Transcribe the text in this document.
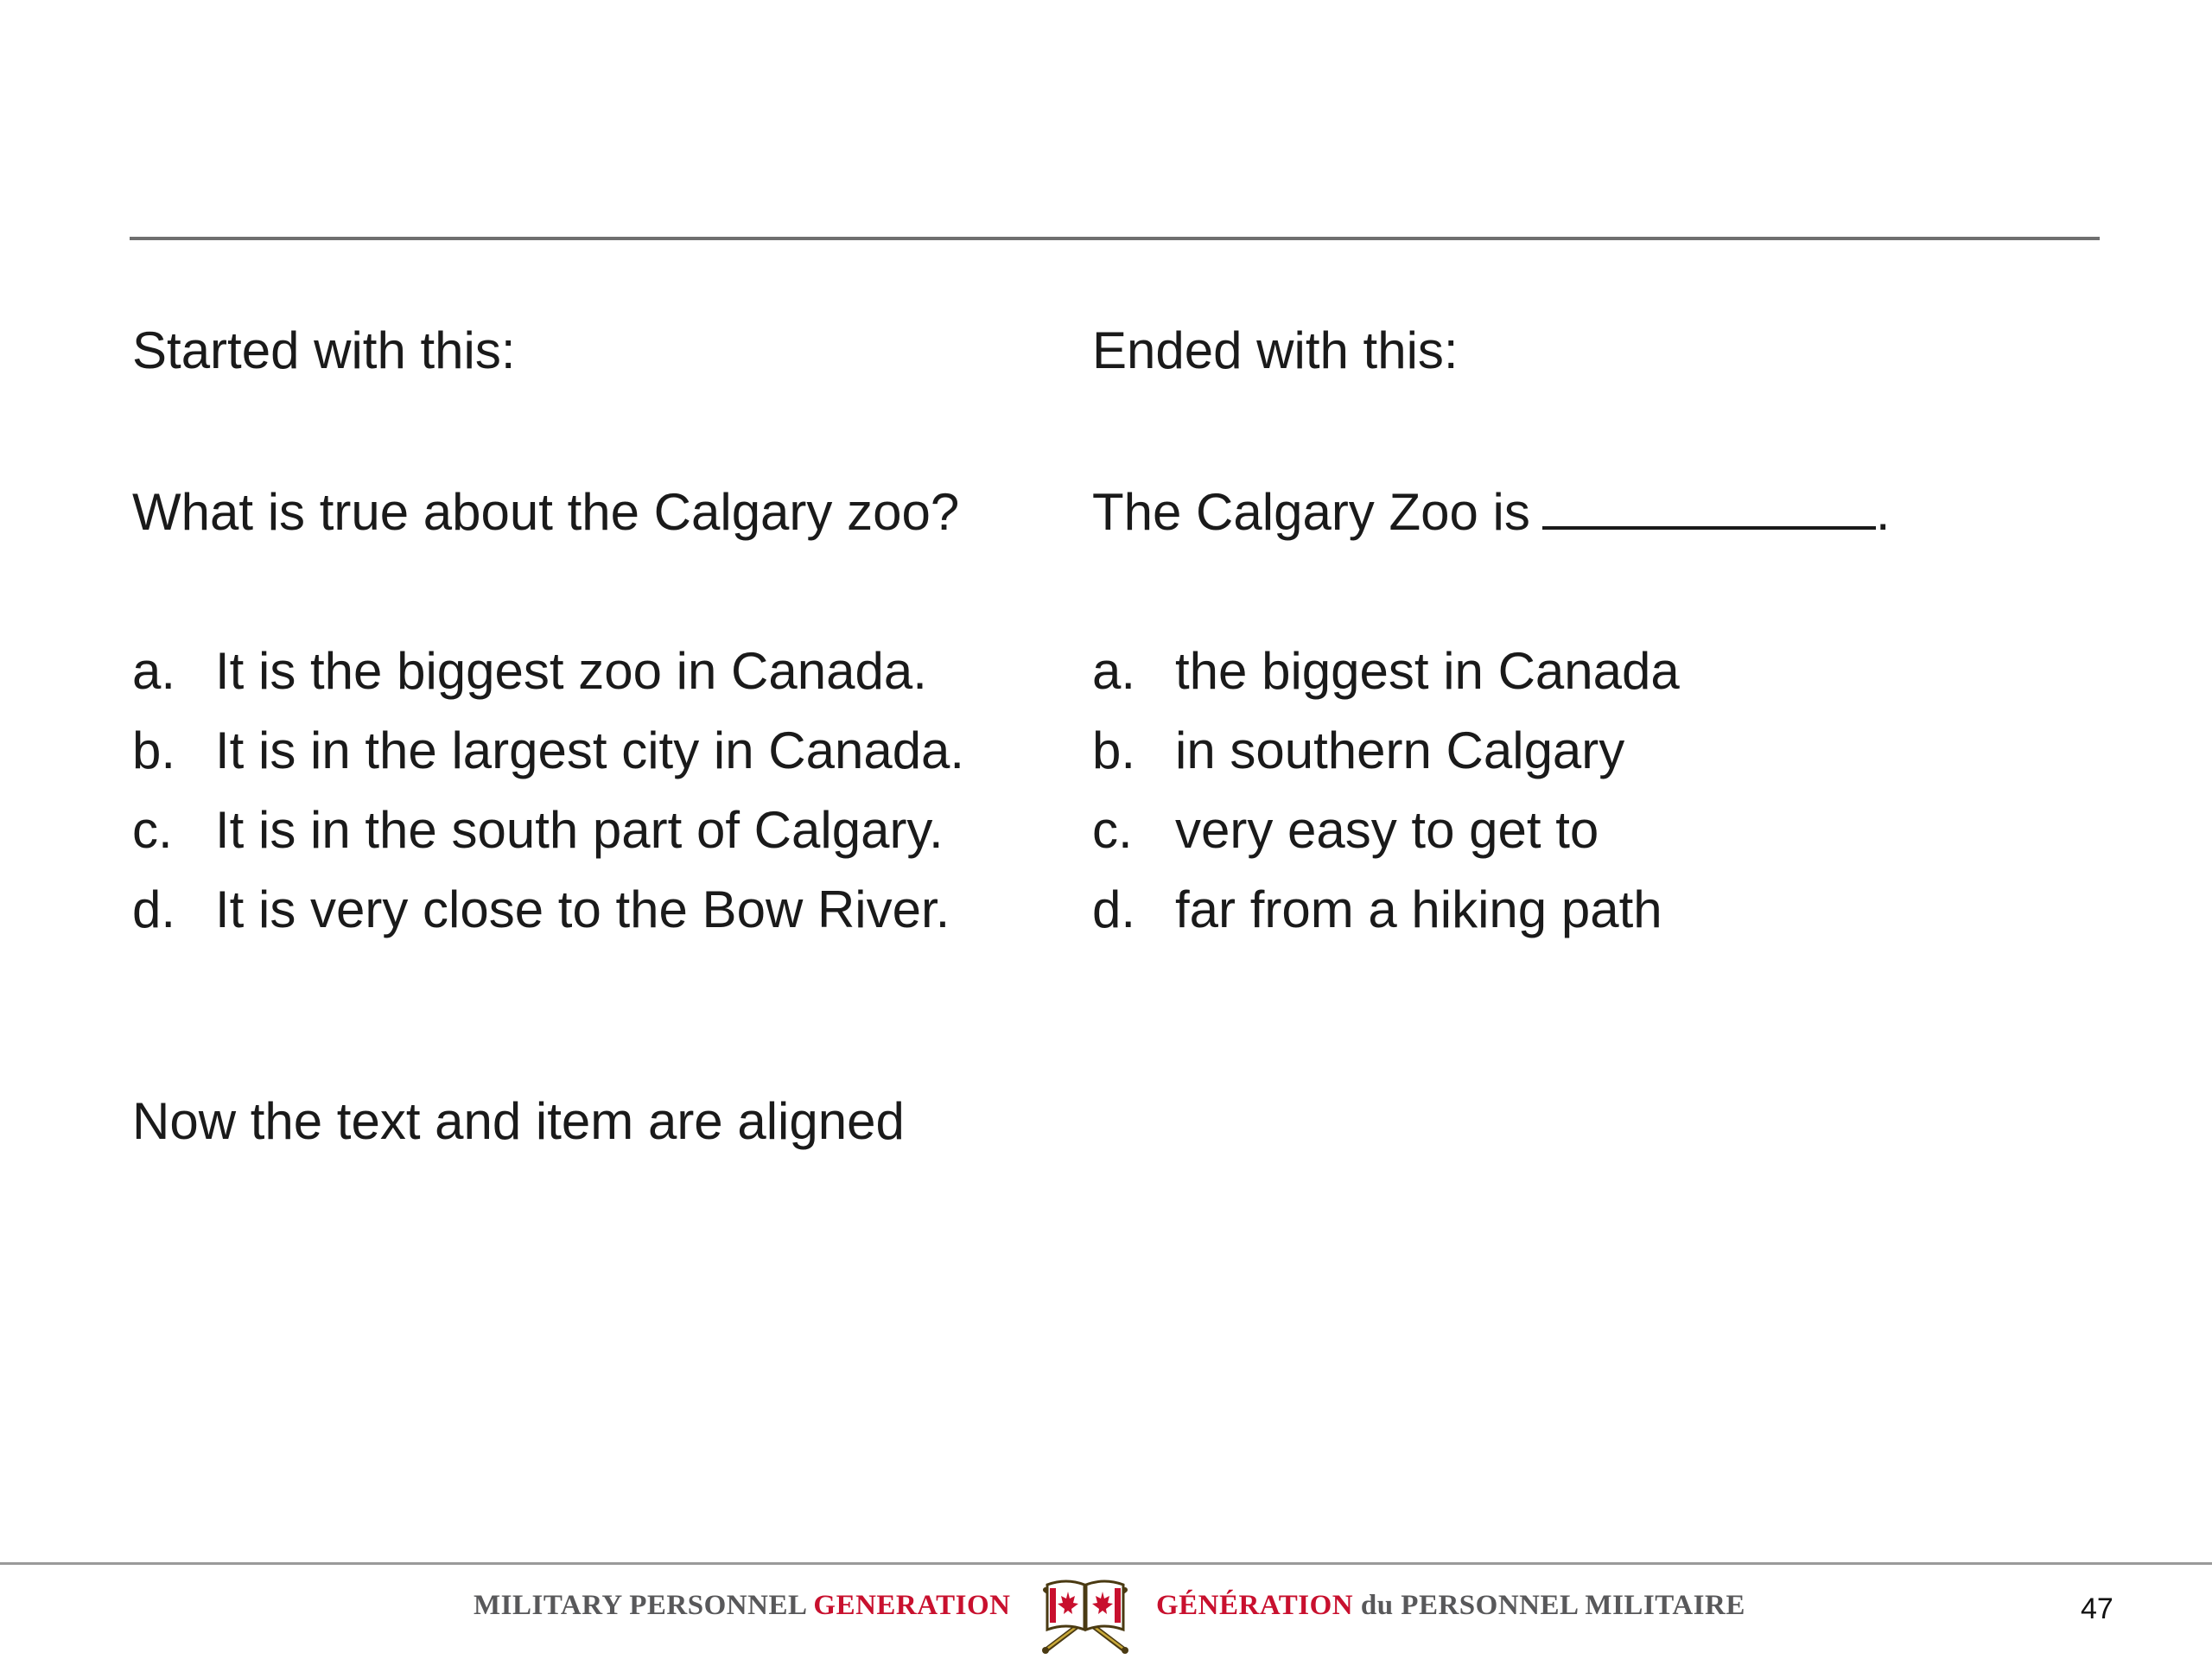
Started with this:

What is true about the Calgary zoo?

a. It is the biggest zoo in Canada.
b. It is in the largest city in Canada.
c. It is in the south part of Calgary.
d. It is very close to the Bow River.

Ended with this:

The Calgary Zoo is	.

a. the biggest in Canada
b. in southern Calgary
c. very easy to get to
d. far from a hiking path
Now the text and item are aligned
MILITARY PERSONNEL GENERATION	GÉNÉRATION du PERSONNEL MILITAIRE	47
